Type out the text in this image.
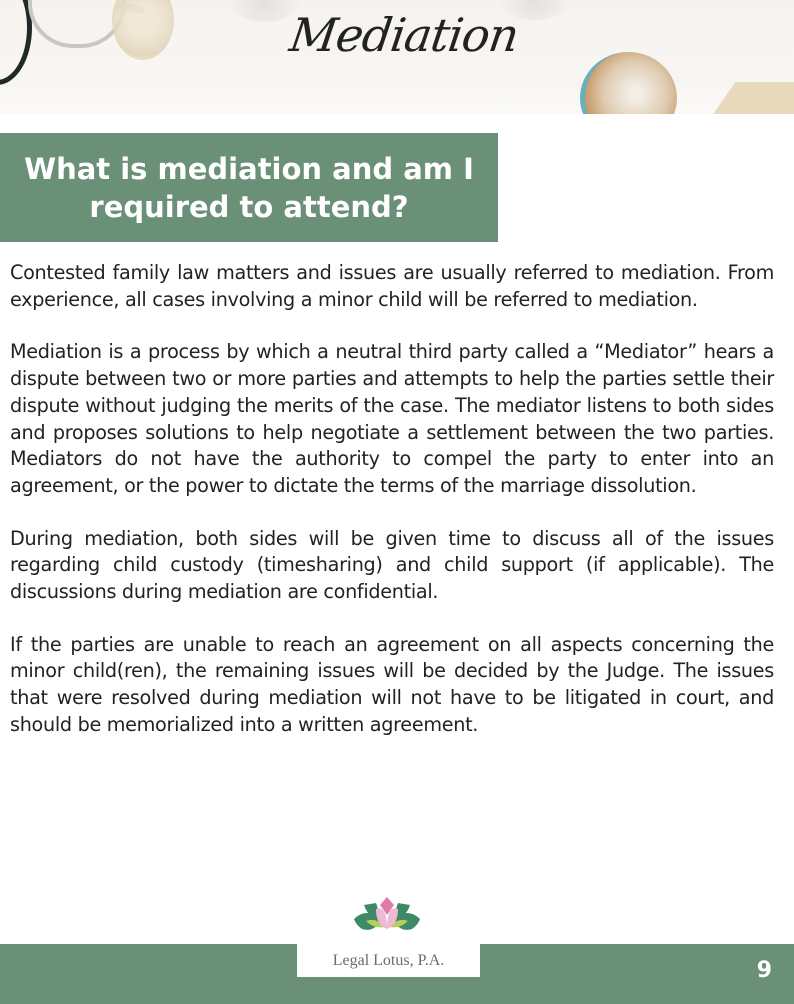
Mediation
What is mediation and am I required to attend?

Contested family law matters and issues are usually referred to mediation. From experience, all cases involving a minor child will be referred to mediation.

Mediation is a process by which a neutral third party called a “Mediator” hears a dispute between two or more parties and attempts to help the parties settle their dispute without judging the merits of the case. The mediator listens to both sides and proposes solutions to help negotiate a settlement between the two parties. Mediators do not have the authority to compel the party to enter into an agreement, or the power to dictate the terms of the marriage dissolution.

During mediation, both sides will be given time to discuss all of the issues regarding child custody (timesharing) and child support (if applicable). The discussions during mediation are confidential.

If the parties are unable to reach an agreement on all aspects concerning the minor child(ren), the remaining issues will be decided by the Judge. The issues that were resolved during mediation will not have to be litigated in court, and should be memorialized into a written agreement.

Legal Lotus, P.A.	9
